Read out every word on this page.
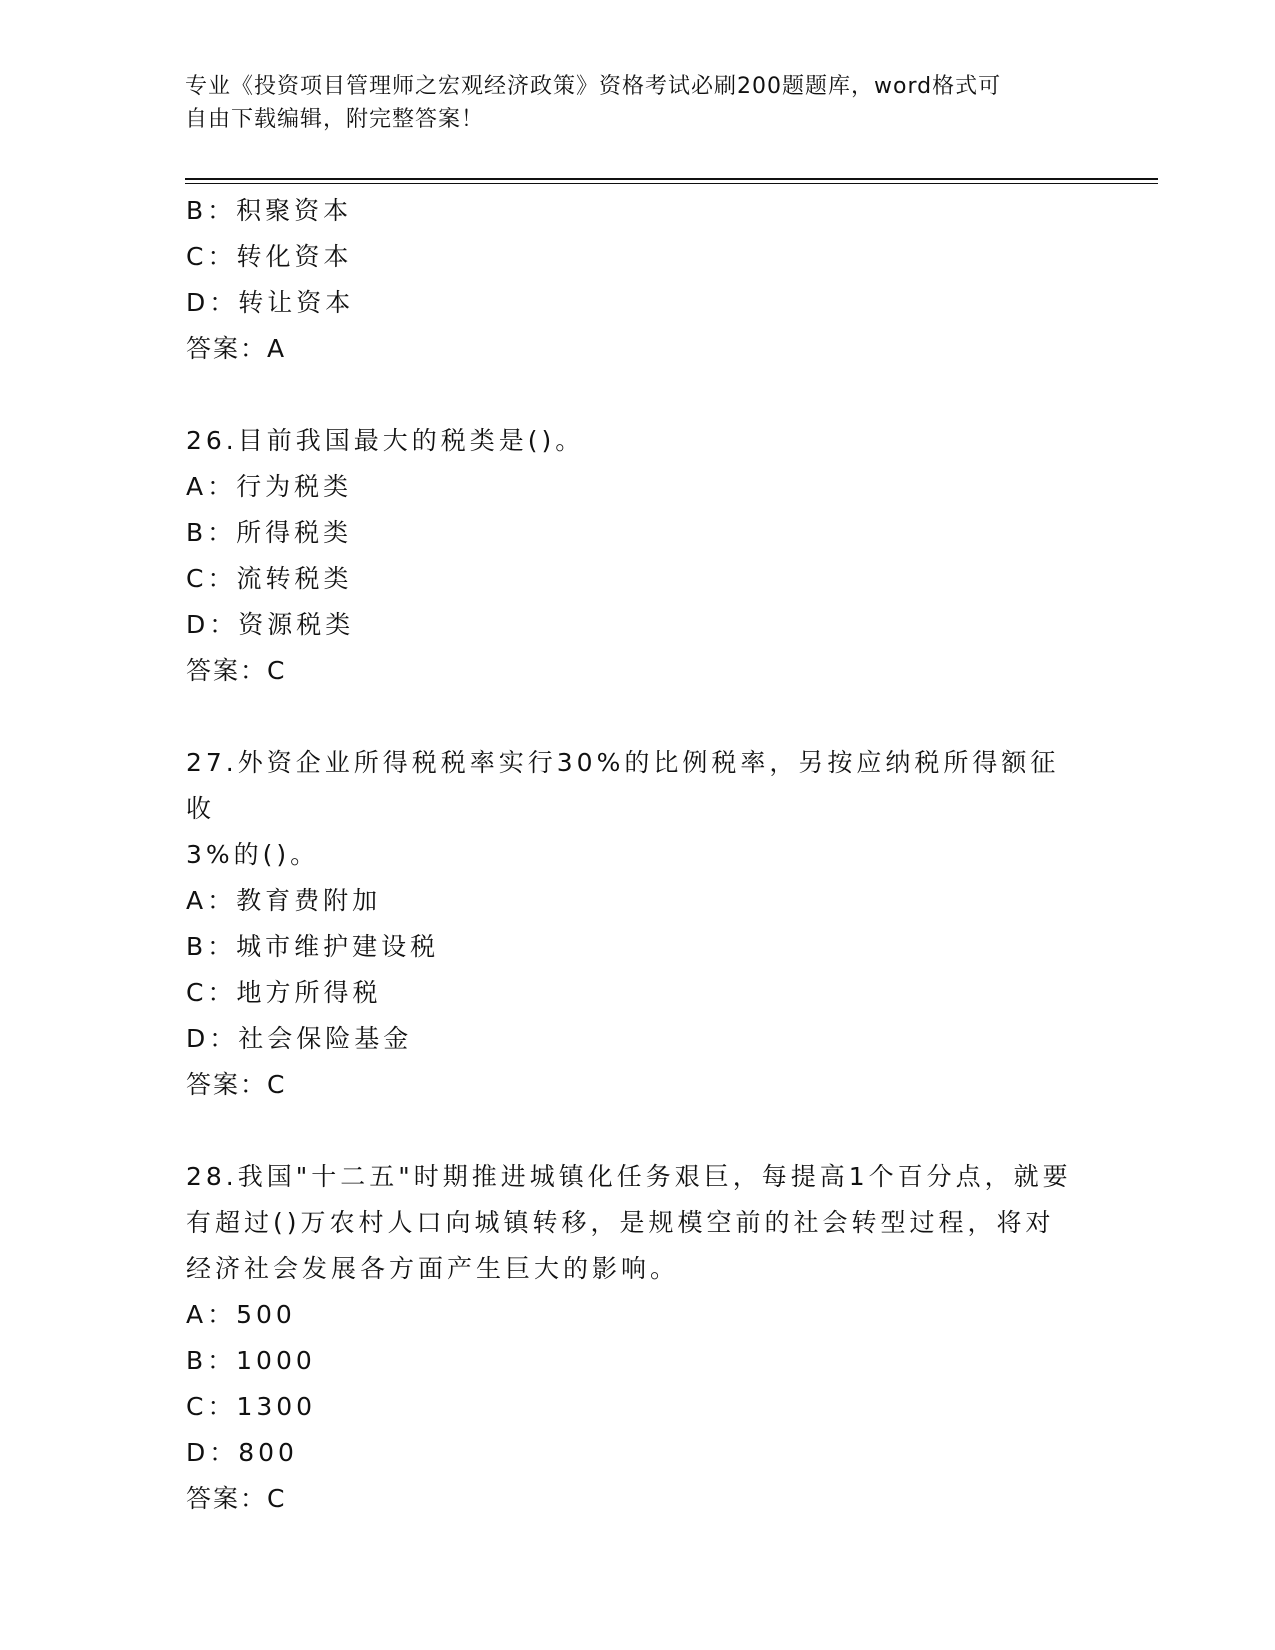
专业《投资项目管理师之宏观经济政策》资格考试必刷200题题库，word格式可
自由下载编辑，附完整答案！
B：积聚资本
C：转化资本
D：转让资本
答案：A
26.目前我国最大的税类是()。
A：行为税类
B：所得税类
C：流转税类
D：资源税类
答案：C
27.外资企业所得税税率实行30%的比例税率，另按应纳税所得额征收
3%的()。
A：教育费附加
B：城市维护建设税
C：地方所得税
D：社会保险基金
答案：C
28.我国"十二五"时期推进城镇化任务艰巨，每提高1个百分点，就要
有超过()万农村人口向城镇转移，是规模空前的社会转型过程，将对
经济社会发展各方面产生巨大的影响。
A：500
B：1000
C：1300
D：800
答案：C
